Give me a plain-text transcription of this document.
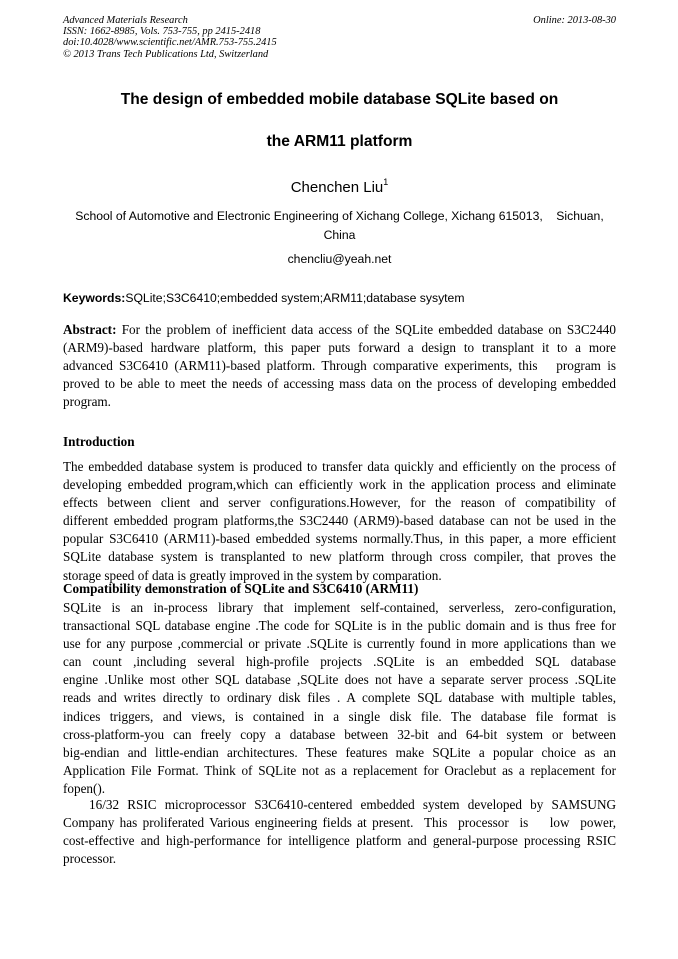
Advanced Materials Research
ISSN: 1662-8985, Vols. 753-755, pp 2415-2418
doi:10.4028/www.scientific.net/AMR.753-755.2415
© 2013 Trans Tech Publications Ltd, Switzerland
Online: 2013-08-30
The design of embedded mobile database SQLite based on
the ARM11 platform
Chenchen Liu$^1$
School of Automotive and Electronic Engineering of Xichang College, Xichang 615013,    Sichuan,
China
chencliu@yeah.net
Keywords:SQLite;S3C6410;embedded system;ARM11;database sysytem
Abstract: For the problem of inefficient data access of the SQLite embedded database on S3C2440
(ARM9)-based hardware platform, this paper puts forward a design to transplant it to a more
advanced S3C6410 (ARM11)-based platform. Through comparative experiments, this   program is
proved to be able to meet the needs of accessing mass data on the process of developing embedded
program.
Introduction
The embedded database system is produced to transfer data quickly and efficiently on the process of
developing embedded program,which can efficiently work in the application process and eliminate
effects between client and server configurations.However, for the reason of compatibility of
different embedded program platforms,the S3C2440 (ARM9)-based database can not be used in the
popular S3C6410 (ARM11)-based embedded systems normally.Thus, in this paper, a more efficient
SQLite database system is transplanted to new platform through cross compiler, that proves the
storage speed of data is greatly improved in the system by comparation.
Compatibility demonstration of SQLite and S3C6410 (ARM11)
SQLite is an in-process library that implement self-contained, serverless, zero-configuration,
transactional SQL database engine .The code for SQLite is in the public domain and is thus free for
use for any purpose ,commercial or private .SQLite is currently found in more applications than we
can count ,including several high-profile projects .SQLite is an embedded SQL database
engine .Unlike most other SQL database ,SQLite does not have a separate server process .SQLite
reads and writes directly to ordinary disk files . A complete SQL database with multiple tables,
indices triggers, and views, is contained in a single disk file. The database file format is
cross-platform-you can freely copy a database between 32-bit and 64-bit system or between
big-endian and little-endian architectures. These features make SQLite a popular choice as an
Application File Format. Think of SQLite not as a replacement for Oraclebut as a replacement for
fopen().
16/32 RSIC microprocessor S3C6410-centered embedded system developed by SAMSUNG
Company has proliferated Various engineering fields at present.  This  processor  is    low  power,
cost-effective and high-performance for intelligence platform and general-purpose processing RSIC
processor.
